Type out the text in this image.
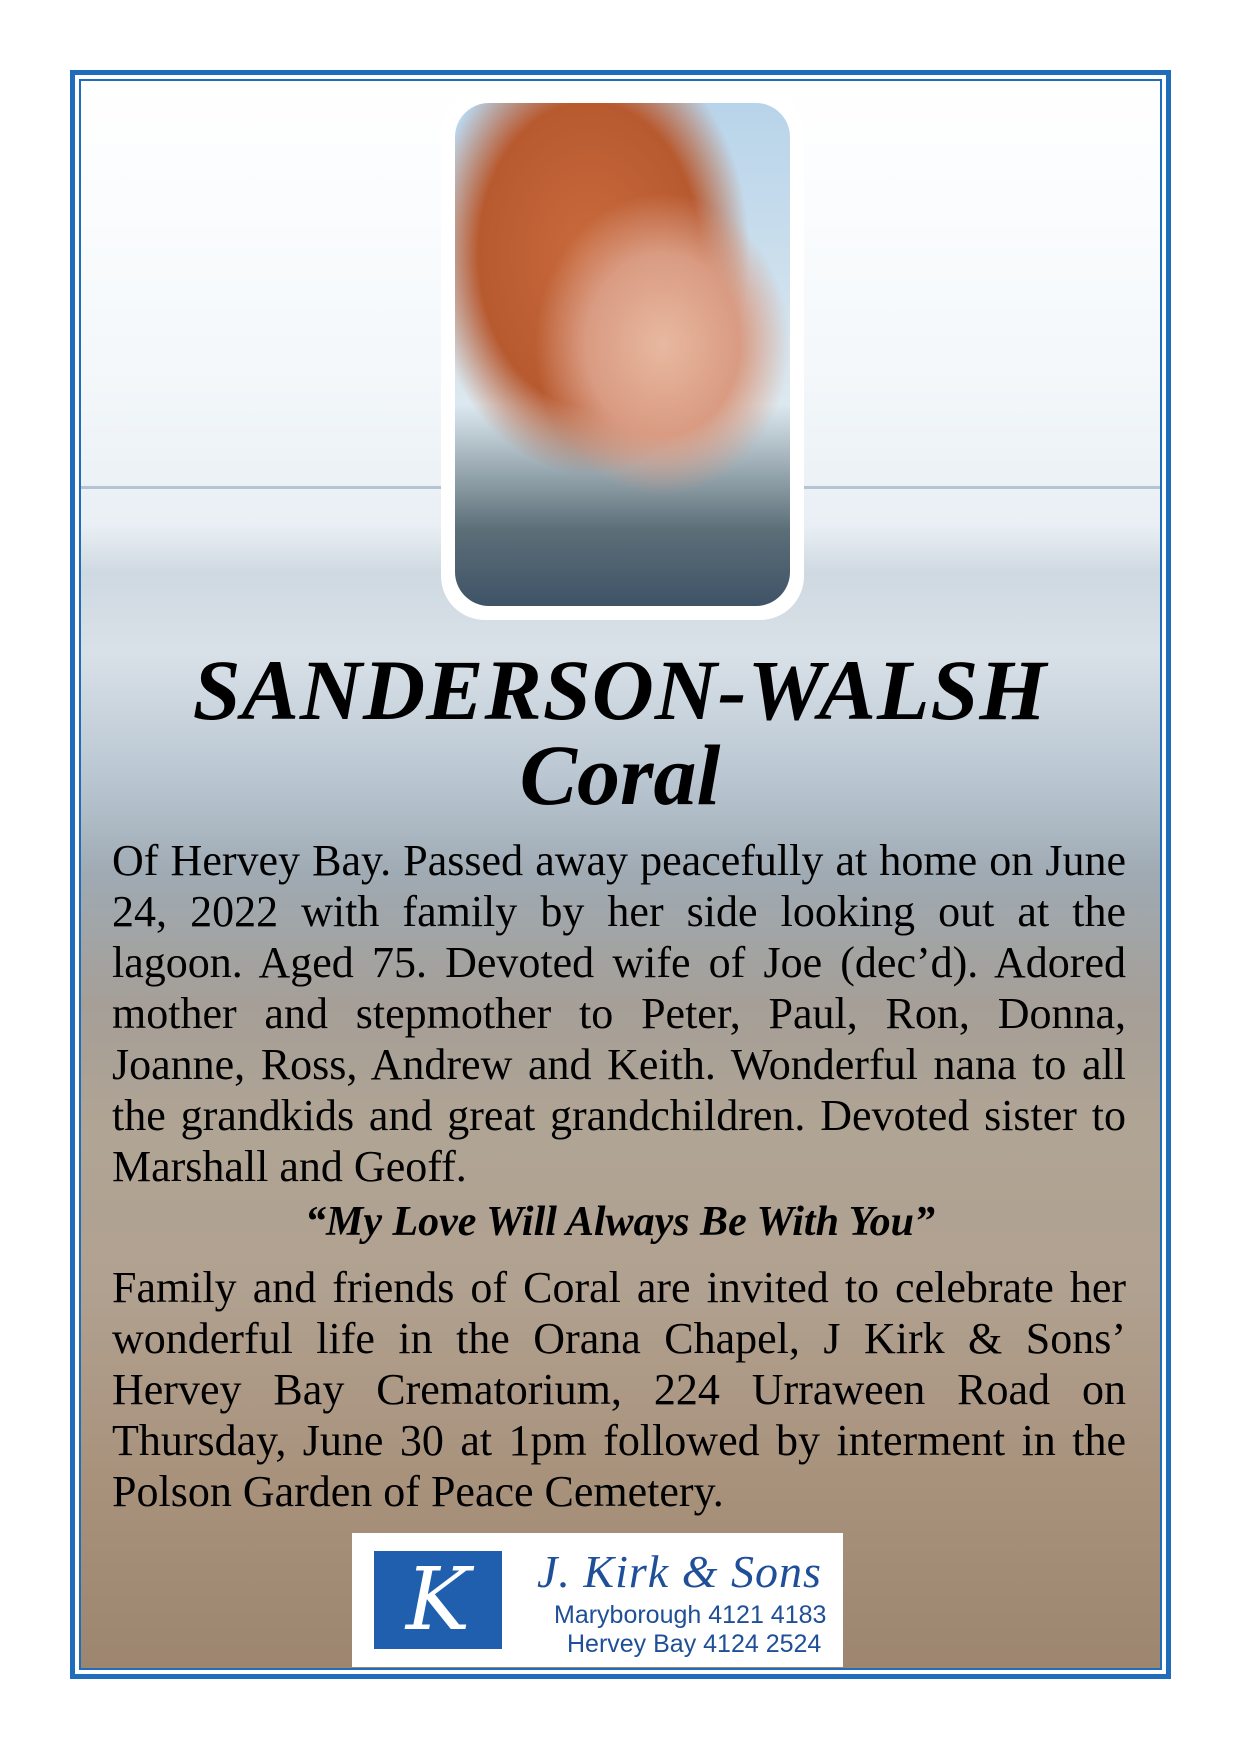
SANDERSON-WALSH
Coral
Of Hervey Bay. Passed away peacefully at home on June 24, 2022 with family by her side looking out at the lagoon. Aged 75. Devoted wife of Joe (dec’d). Adored mother and stepmother to Peter, Paul, Ron, Donna, Joanne, Ross, Andrew and Keith. Wonderful nana to all the grandkids and great grandchildren. Devoted sister to Marshall and Geoff.
“My Love Will Always Be With You”
Family and friends of Coral are invited to celebrate her wonderful life in the Orana Chapel, J Kirk & Sons’ Hervey Bay Crematorium, 224 Urraween Road on Thursday, June 30 at 1pm followed by interment in the Polson Garden of Peace Cemetery.
K	J. Kirk & Sons
Maryborough 4121 4183
Hervey Bay 4124 2524
